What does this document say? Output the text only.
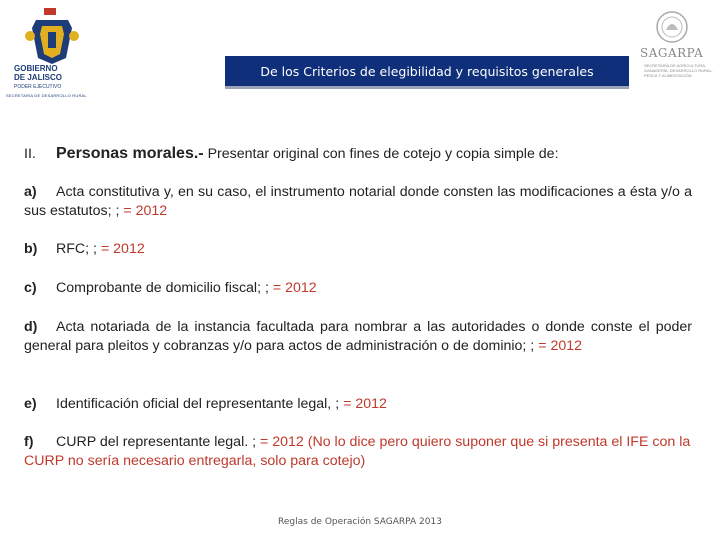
GOBIERNO
DE JALISCO
PODER EJECUTIVO
SECRETARÍA DE DESARROLLO RURAL
De los Criterios de elegibilidad y requisitos generales
SAGARPA
SECRETARÍA DE AGRICULTURA, GANADERÍA, DESARROLLO RURAL, PESCA Y ALIMENTACIÓN
II. Personas morales.- Presentar original con fines de cotejo y copia simple de:
a) Acta constitutiva y, en su caso, el instrumento notarial donde consten las modificaciones a ésta y/o a sus estatutos; ; = 2012
b) RFC; ; = 2012
c) Comprobante de domicilio fiscal; ; = 2012
d) Acta notariada de la instancia facultada para nombrar a las autoridades o donde conste el poder general para pleitos y cobranzas y/o para actos de administración o de dominio; ; = 2012
e) Identificación oficial del representante legal, ; = 2012
f) CURP del representante legal. ; = 2012 (No lo dice pero quiero suponer que si presenta el IFE con la CURP no sería necesario entregarla, solo para cotejo)
Reglas de Operación SAGARPA 2013
